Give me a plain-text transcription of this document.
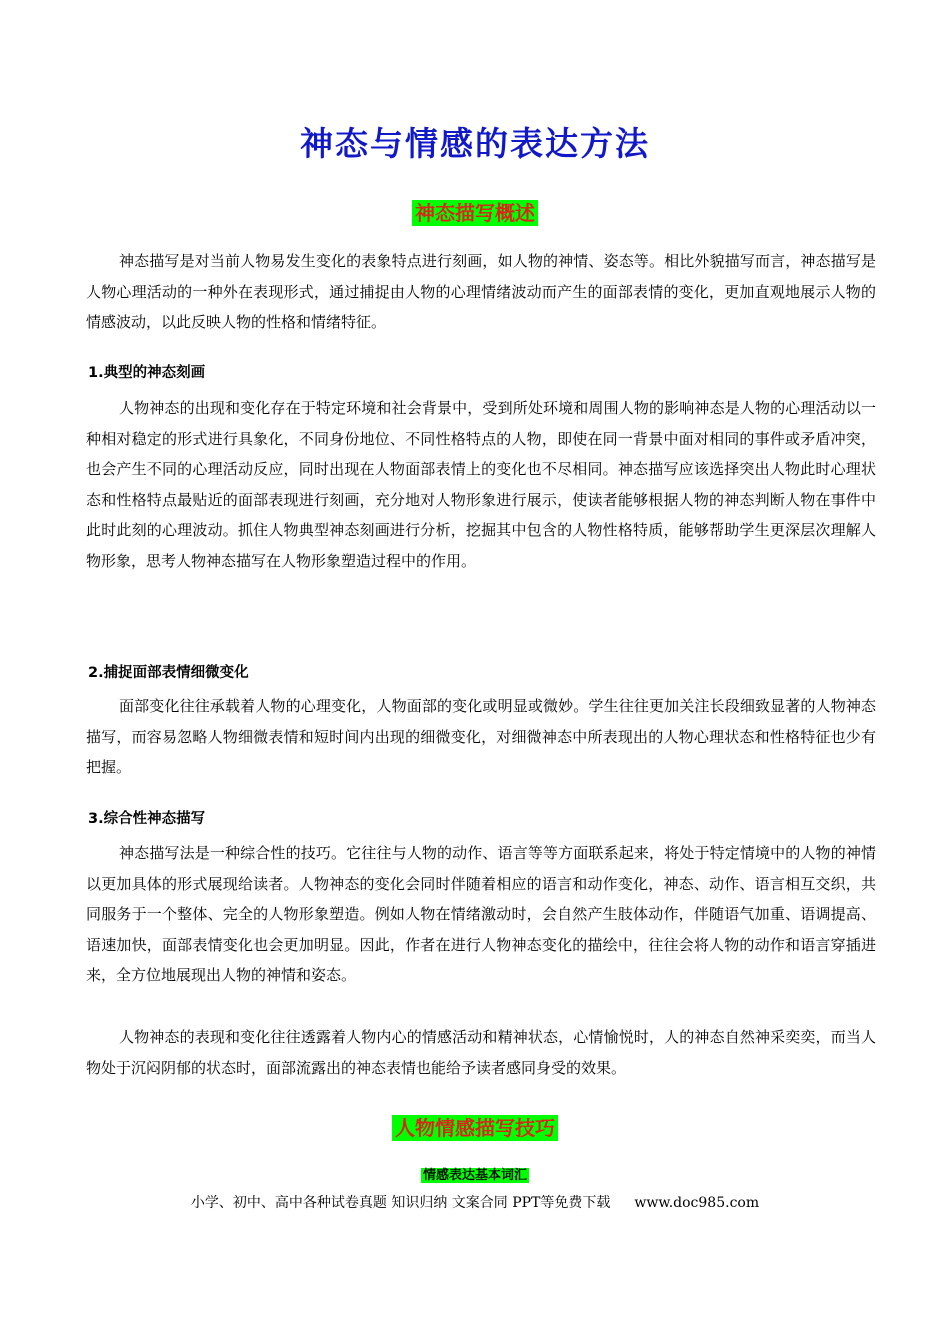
神态与情感的表达方法
神态描写概述

神态描写是对当前人物易发生变化的表象特点进行刻画，如人物的神情、姿态等。相比外貌描写而言，神态描写是人物心理活动的一种外在表现形式，通过捕捉由人物的心理情绪波动而产生的面部表情的变化，更加直观地展示人物的情感波动，以此反映人物的性格和情绪特征。

1.典型的神态刻画

人物神态的出现和变化存在于特定环境和社会背景中，受到所处环境和周围人物的影响神态是人物的心理活动以一种相对稳定的形式进行具象化，不同身份地位、不同性格特点的人物，即使在同一背景中面对相同的事件或矛盾冲突，也会产生不同的心理活动反应，同时出现在人物面部表情上的变化也不尽相同。神态描写应该选择突出人物此时心理状态和性格特点最贴近的面部表现进行刻画，充分地对人物形象进行展示，使读者能够根据人物的神态判断人物在事件中此时此刻的心理波动。抓住人物典型神态刻画进行分析，挖掘其中包含的人物性格特质，能够帮助学生更深层次理解人物形象，思考人物神态描写在人物形象塑造过程中的作用。

2.捕捉面部表情细微变化

面部变化往往承载着人物的心理变化，人物面部的变化或明显或微妙。学生往往更加关注长段细致显著的人物神态描写，而容易忽略人物细微表情和短时间内出现的细微变化，对细微神态中所表现出的人物心理状态和性格特征也少有把握。

3.综合性神态描写

神态描写法是一种综合性的技巧。它往往与人物的动作、语言等等方面联系起来，将处于特定情境中的人物的神情以更加具体的形式展现给读者。人物神态的变化会同时伴随着相应的语言和动作变化，神态、动作、语言相互交织，共同服务于一个整体、完全的人物形象塑造。例如人物在情绪激动时，会自然产生肢体动作，伴随语气加重、语调提高、语速加快，面部表情变化也会更加明显。因此，作者在进行人物神态变化的描绘中，往往会将人物的动作和语言穿插进来，全方位地展现出人物的神情和姿态。

人物神态的表现和变化往往透露着人物内心的情感活动和精神状态，心情愉悦时，人的神态自然神采奕奕，而当人物处于沉闷阴郁的状态时，面部流露出的神态表情也能给予读者感同身受的效果。

人物情感描写技巧
情感表达基本词汇
小学、初中、高中各种试卷真题 知识归纳 文案合同 PPT等免费下载 www.doc985.com
